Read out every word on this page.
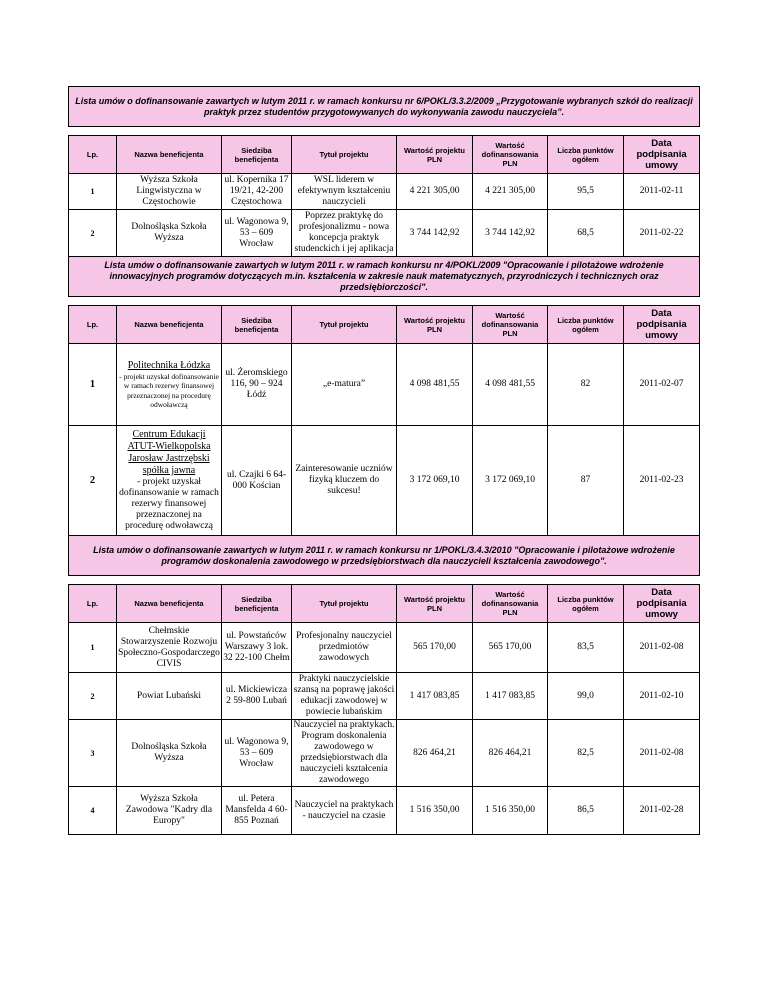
Lista umów o dofinansowanie zawartych w lutym 2011 r. w ramach konkursu nr 6/POKL/3.3.2/2009 „Przygotowanie wybranych szkół do realizacji praktyk przez studentów przygotowywanych do wykonywania zawodu nauczyciela”.							

Lp.	Nazwa beneficjenta	Siedziba beneficjenta	Tytuł projektu	Wartość projektu PLN	Wartość dofinansowania PLN	Liczba punktów ogółem	Data podpisania umowy
1	Wyższa Szkoła Lingwistyczna w Częstochowie	ul. Kopernika 17 19/21, 42-200 Częstochowa	WSL liderem w efektywnym kształceniu nauczycieli	4 221 305,00	4 221 305,00	95,5	2011-02-11
2	Dolnośląska Szkoła Wyższa	ul. Wagonowa 9, 53 – 609 Wrocław	Poprzez praktykę do profesjonalizmu - nowa koncepcja praktyk studenckich i jej aplikacja	3 744 142,92	3 744 142,92	68,5	2011-02-22
Lista umów o dofinansowanie zawartych w lutym 2011 r. w ramach konkursu nr 4/POKL/2009 "Opracowanie i pilotażowe wdrożenie innowacyjnych programów dotyczących m.in. kształcenia w zakresie nauk matematycznych, przyrodniczych i technicznych oraz przedsiębiorczości".							

Lp.	Nazwa beneficjenta	Siedziba beneficjenta	Tytuł projektu	Wartość projektu PLN	Wartość dofinansowania PLN	Liczba punktów ogółem	Data podpisania umowy
1	Politechnika Łódzka
- projekt uzyskał dofinansowanie w ramach rezerwy finansowej przeznaczonej na procedurę odwoławczą	ul. Żeromskiego 116, 90 – 924 Łódź	„e-matura”	4 098 481,55	4 098 481,55	82	2011-02-07
2	Centrum Edukacji ATUT-Wielkopolska Jarosław Jastrzębski spółka jawna
- projekt uzyskał dofinansowanie w ramach rezerwy finansowej przeznaczonej na procedurę odwoławczą	ul. Czajki 6 64-000 Kościan	Zainteresowanie uczniów fizyką kluczem do sukcesu!	3 172 069,10	3 172 069,10	87	2011-02-23
Lista umów o dofinansowanie zawartych w lutym 2011 r. w ramach konkursu nr 1/POKL/3.4.3/2010 "Opracowanie i pilotażowe wdrożenie programów doskonalenia zawodowego w przedsiębiorstwach dla nauczycieli kształcenia zawodowego".							

Lp.	Nazwa beneficjenta	Siedziba beneficjenta	Tytuł projektu	Wartość projektu PLN	Wartość dofinansowania PLN	Liczba punktów ogółem	Data podpisania umowy
1	Chełmskie Stowarzyszenie Rozwoju Społeczno-Gospodarczego CIVIS	ul. Powstańców Warszawy 3 lok. 32 22-100 Chełm	Profesjonalny nauczyciel przedmiotów zawodowych	565 170,00	565 170,00	83,5	2011-02-08
2	Powiat Lubański	ul. Mickiewicza 2 59-800 Lubań	Praktyki nauczycielskie szansą na poprawę jakości edukacji zawodowej w powiecie lubańskim	1 417 083,85	1 417 083,85	99,0	2011-02-10
3	Dolnośląska Szkoła Wyższa	ul. Wagonowa 9, 53 – 609 Wrocław	Nauczyciel na praktykach. Program doskonalenia zawodowego w przedsiębiorstwach dla nauczycieli kształcenia zawodowego	826 464,21	826 464,21	82,5	2011-02-08
4	Wyższa Szkoła Zawodowa "Kadry dla Europy"	ul. Petera Mansfelda 4 60-855 Poznań	Nauczyciel na praktykach - nauczyciel na czasie	1 516 350,00	1 516 350,00	86,5	2011-02-28
